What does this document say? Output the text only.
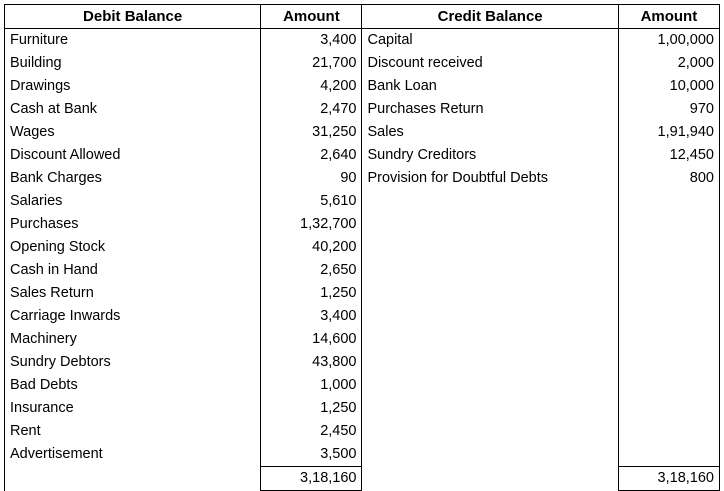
Debit Balance	Amount	Credit Balance	Amount
Furniture	3,400	Capital	1,00,000
Building	21,700	Discount received	2,000
Drawings	4,200	Bank Loan	10,000
Cash at Bank	2,470	Purchases Return	970
Wages	31,250	Sales	1,91,940
Discount Allowed	2,640	Sundry Creditors	12,450
Bank Charges	90	Provision for Doubtful Debts	800
Salaries	5,610		
Purchases	1,32,700		
Opening Stock	40,200		
Cash in Hand	2,650		
Sales Return	1,250		
Carriage Inwards	3,400		
Machinery	14,600		
Sundry Debtors	43,800		
Bad Debts	1,000		
Insurance	1,250		
Rent	2,450		
Advertisement	3,500		
	3,18,160		3,18,160
